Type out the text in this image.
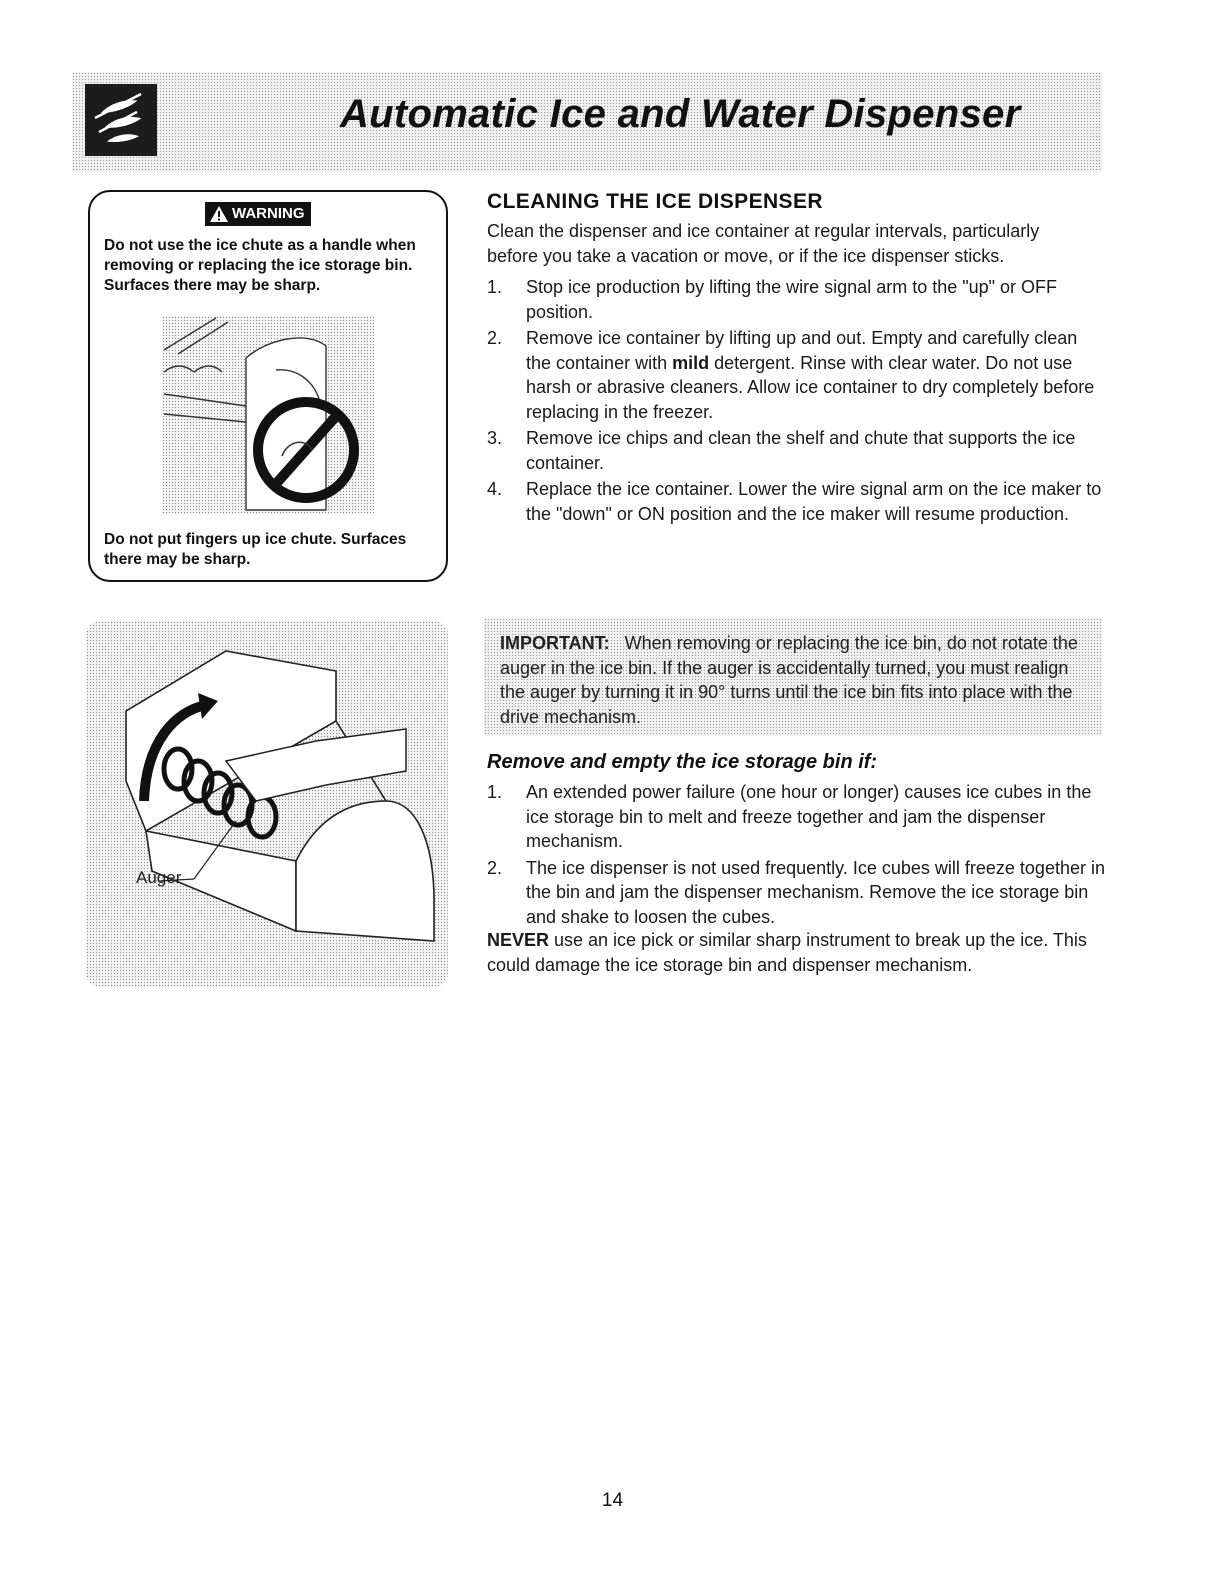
Automatic Ice and Water Dispenser
WARNING
Do not use the ice chute as a handle when removing or replacing the ice storage bin. Surfaces there may be sharp.
Do not put fingers up ice chute. Surfaces there may be sharp.
Auger
CLEANING THE ICE DISPENSER
Clean the dispenser and ice container at regular intervals, particularly before you take a vacation or move, or if the ice dispenser sticks.
1. Stop ice production by lifting the wire signal arm to the "up" or OFF position.
2. Remove ice container by lifting up and out. Empty and carefully clean the container with mild detergent. Rinse with clear water. Do not use harsh or abrasive cleaners. Allow ice container to dry completely before replacing in the freezer.
3. Remove ice chips and clean the shelf and chute that supports the ice container.
4. Replace the ice container. Lower the wire signal arm on the ice maker to the "down" or ON position and the ice maker will resume production.
IMPORTANT: When removing or replacing the ice bin, do not rotate the auger in the ice bin. If the auger is accidentally turned, you must realign the auger by turning it in 90° turns until the ice bin fits into place with the drive mechanism.
Remove and empty the ice storage bin if:
1. An extended power failure (one hour or longer) causes ice cubes in the ice storage bin to melt and freeze together and jam the dispenser mechanism.
2. The ice dispenser is not used frequently. Ice cubes will freeze together in the bin and jam the dispenser mechanism. Remove the ice storage bin and shake to loosen the cubes.
NEVER use an ice pick or similar sharp instrument to break up the ice. This could damage the ice storage bin and dispenser mechanism.
14
